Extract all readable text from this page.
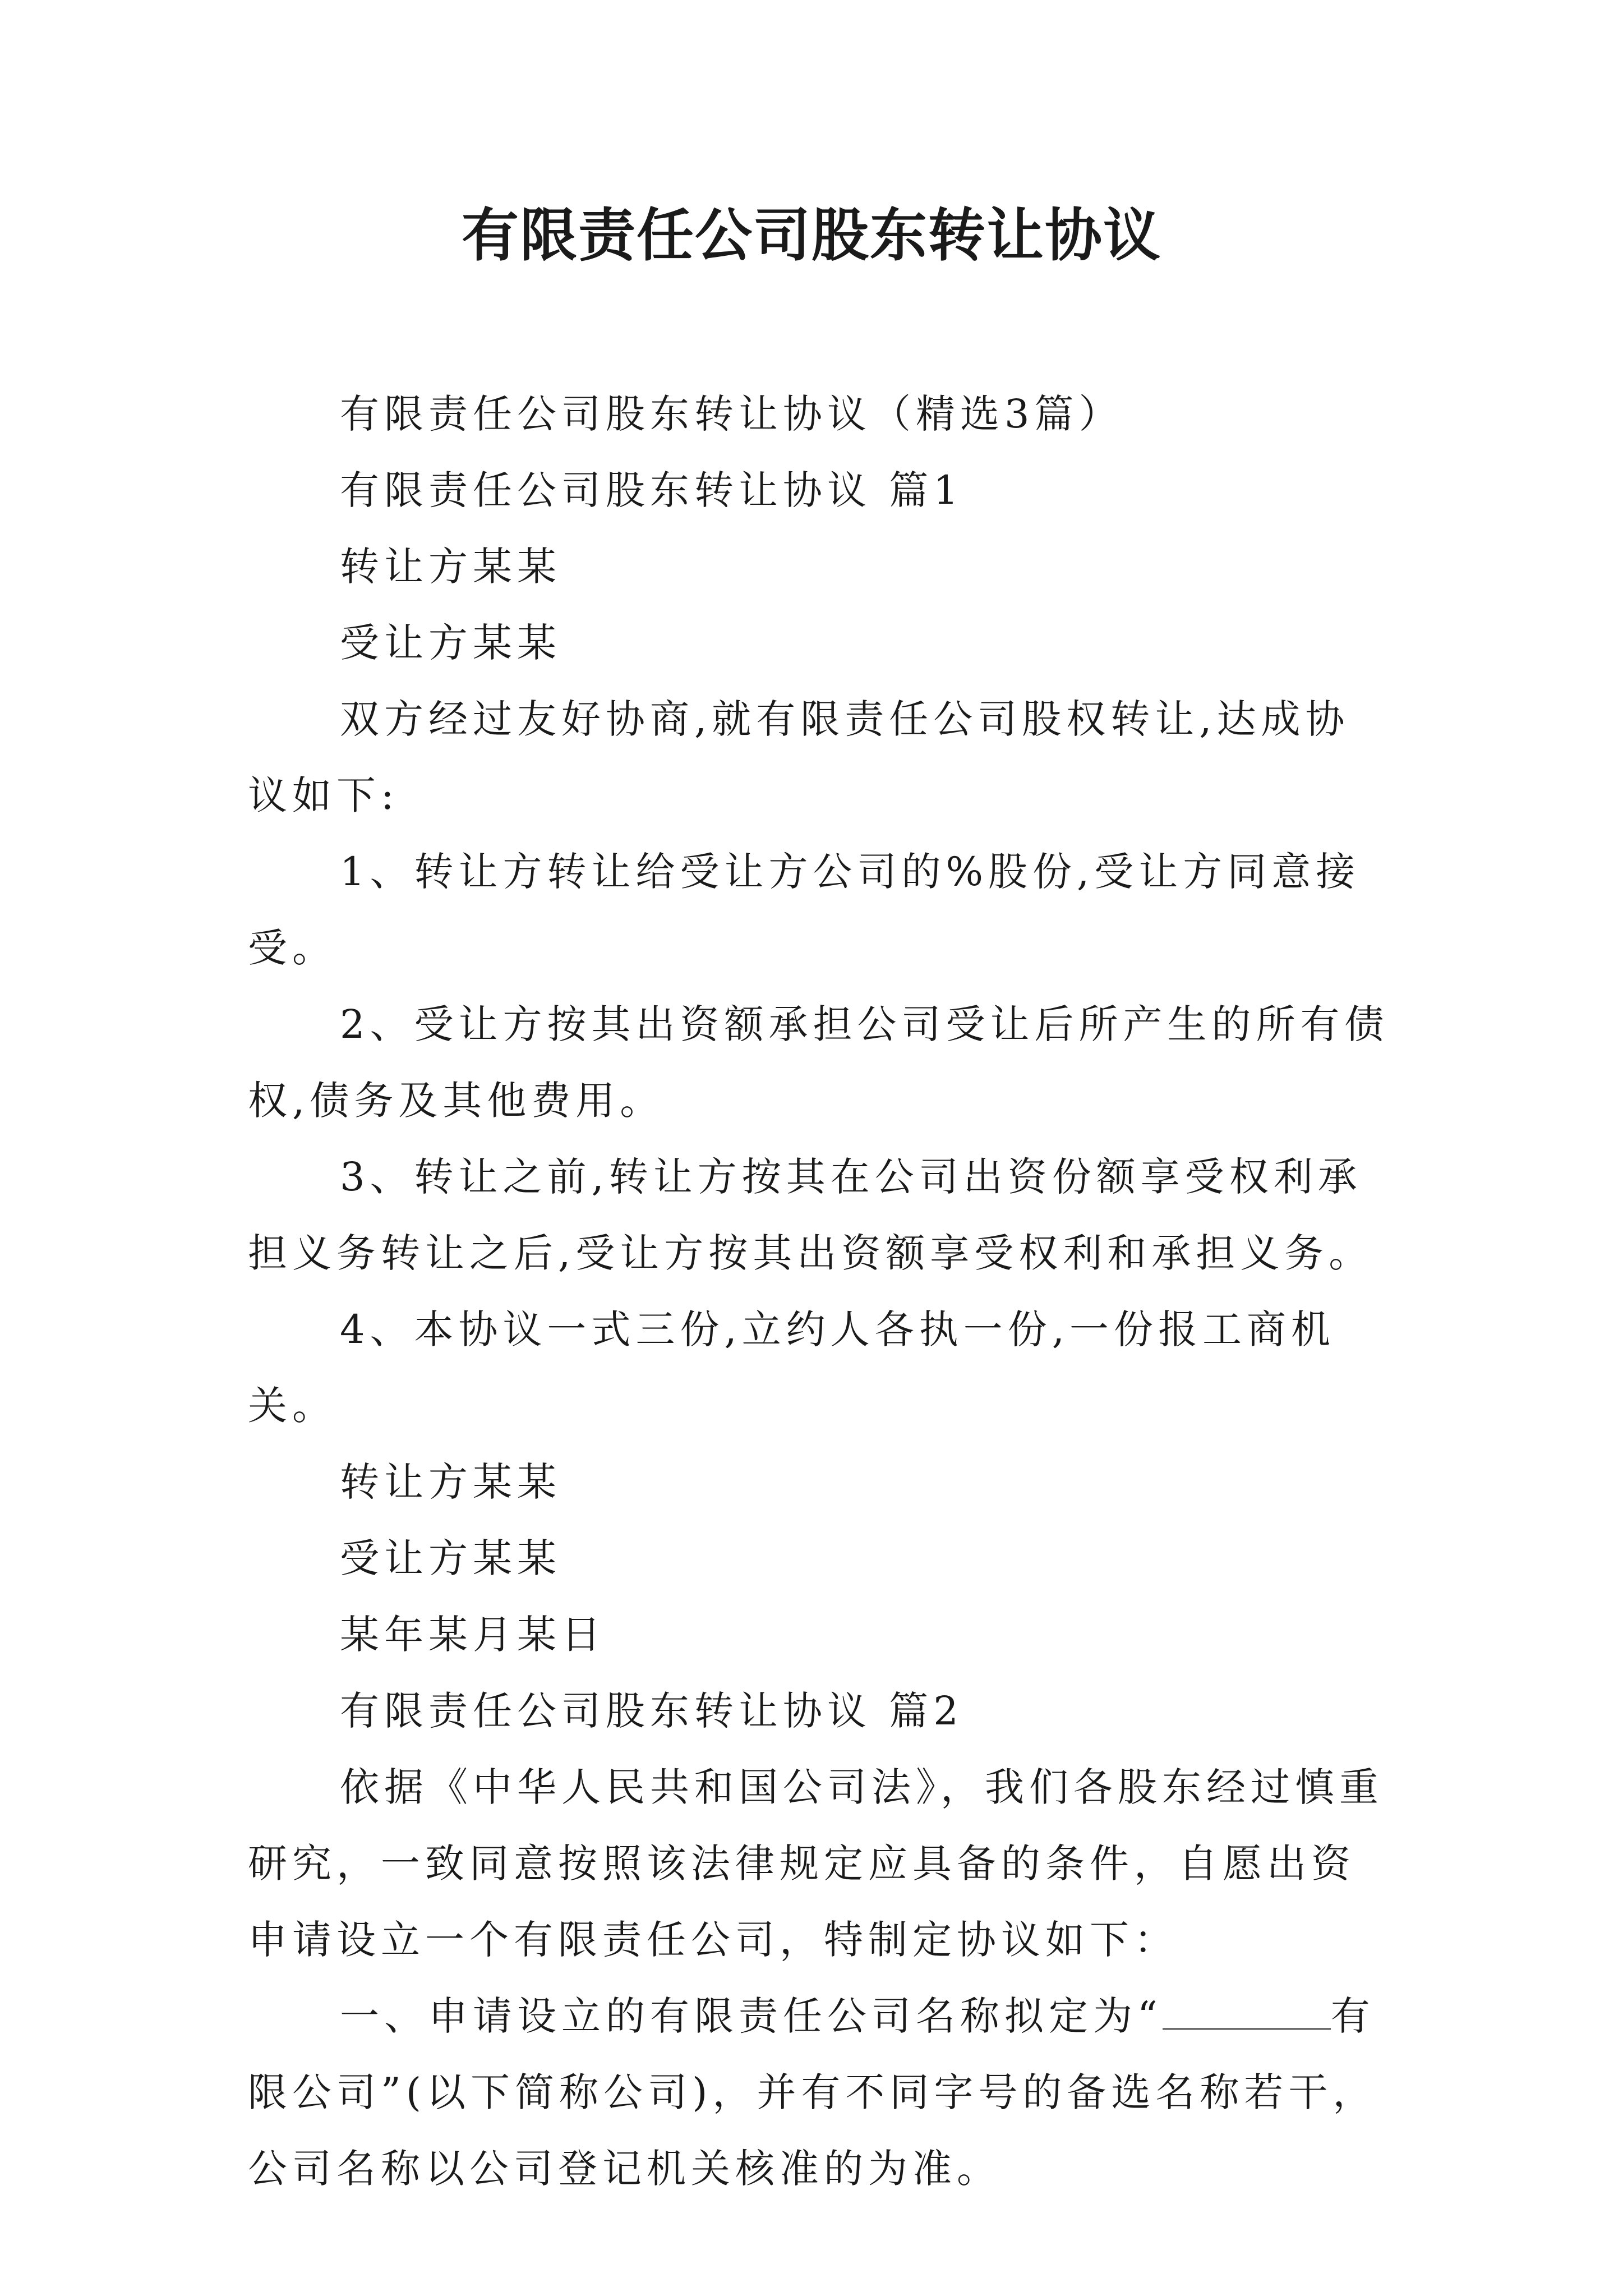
有限责任公司股东转让协议

有限责任公司股东转让协议（精选3篇）

有限责任公司股东转让协议 篇1

转让方某某

受让方某某

双方经过友好协商,就有限责任公司股权转让,达成协议如下:

1、转让方转让给受让方公司的%股份,受让方同意接受。

2、受让方按其出资额承担公司受让后所产生的所有债权,债务及其他费用。

3、转让之前,转让方按其在公司出资份额享受权利承担义务转让之后,受让方按其出资额享受权利和承担义务。

4、本协议一式三份,立约人各执一份,一份报工商机关。

转让方某某

受让方某某

某年某月某日

有限责任公司股东转让协议 篇2

依据《中华人民共和国公司法》，我们各股东经过慎重研究，一致同意按照该法律规定应具备的条件，自愿出资申请设立一个有限责任公司，特制定协议如下：

一、申请设立的有限责任公司名称拟定为“	有限公司”(以下简称公司)，并有不同字号的备选名称若干，公司名称以公司登记机关核准的为准。
